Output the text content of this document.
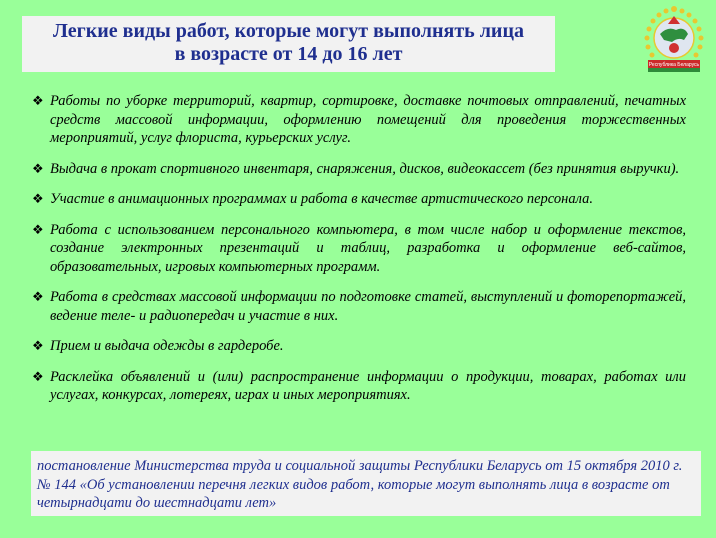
Легкие виды работ, которые могут выполнять лица
в возрасте от 14 до 16 лет	Республика Беларусь
❖ Работы по уборке территорий, квартир, сортировке, доставке почтовых отправлений, печатных средств массовой информации, оформлению помещений для проведения торжественных мероприятий, услуг флориста, курьерских услуг.
❖ Выдача в прокат спортивного инвентаря, снаряжения, дисков, видеокассет (без принятия выручки).
❖ Участие в анимационных программах и работа в качестве артистического персонала.
❖ Работа с использованием персонального компьютера, в том числе набор и оформление текстов, создание электронных презентаций и таблиц, разработка и оформление веб-сайтов, образовательных, игровых компьютерных программ.
❖ Работа в средствах массовой информации по подготовке статей, выступлений и фоторепортажей, ведение теле- и радиопередач и участие в них.
❖ Прием и выдача одежды в гардеробе.
❖ Расклейка объявлений и (или) распространение информации о продукции, товарах, работах или услугах, конкурсах, лотереях, играх и иных мероприятиях.
постановление Министерства труда и социальной защиты Республики Беларусь от 15 октября 2010 г. № 144 «Об установлении перечня легких видов работ, которые могут выполнять лица в возрасте от четырнадцати до шестнадцати лет»
